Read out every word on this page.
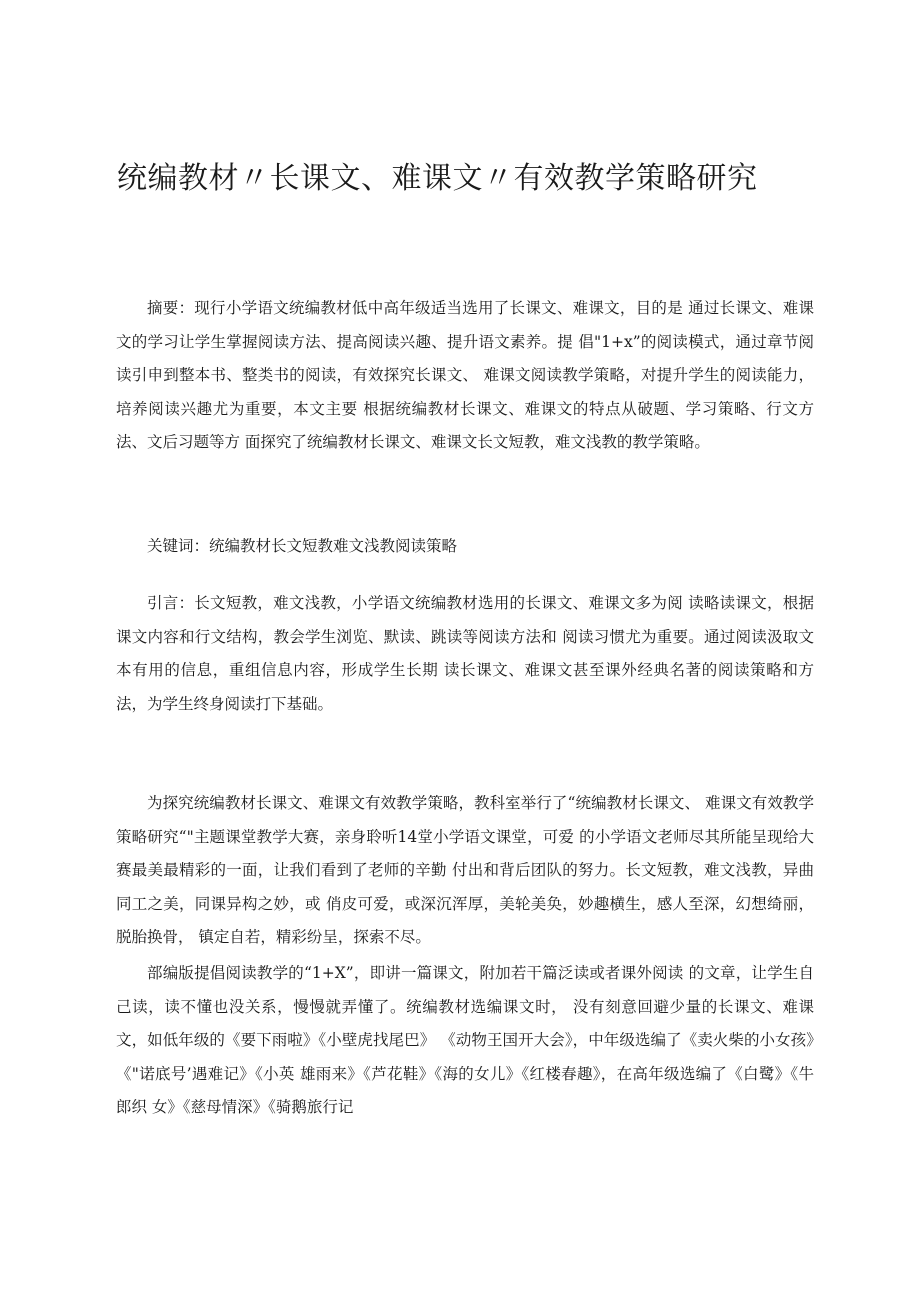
统编教材〃长课文、难课文〃有效教学策略研究

摘要：现行小学语文统编教材低中高年级适当选用了长课文、难课文，目的是 通过长课文、难课文的学习让学生掌握阅读方法、提高阅读兴趣、提升语文素养。提 倡"1+x”的阅读模式，通过章节阅读引申到整本书、整类书的阅读，有效探究长课文、 难课文阅读教学策略，对提升学生的阅读能力，培养阅读兴趣尤为重要，本文主要 根据统编教材长课文、难课文的特点从破题、学习策略、行文方法、文后习题等方 面探究了统编教材长课文、难课文长文短教，难文浅教的教学策略。

关键词：统编教材长文短教难文浅教阅读策略

引言：长文短教，难文浅教，小学语文统编教材选用的长课文、难课文多为阅 读略读课文，根据课文内容和行文结构，教会学生浏览、默读、跳读等阅读方法和 阅读习惯尤为重要。通过阅读汲取文本有用的信息，重组信息内容，形成学生长期 读长课文、难课文甚至课外经典名著的阅读策略和方法，为学生终身阅读打下基础。

为探究统编教材长课文、难课文有效教学策略，教科室举行了“统编教材长课文、 难课文有效教学策略研究“"主题课堂教学大赛，亲身聆听14堂小学语文课堂，可爱 的小学语文老师尽其所能呈现给大赛最美最精彩的一面，让我们看到了老师的辛勤 付出和背后团队的努力。长文短教，难文浅教，异曲同工之美，同课异构之妙，或 俏皮可爱，或深沉浑厚，美轮美奂，妙趣横生，感人至深，幻想绮丽，脱胎换骨， 镇定自若，精彩纷呈，探索不尽。

部编版提倡阅读教学的“1+X”，即讲一篇课文，附加若干篇泛读或者课外阅读 的文章，让学生自己读，读不懂也没关系，慢慢就弄懂了。统编教材选编课文时， 没有刻意回避少量的长课文、难课文，如低年级的《要下雨啦》《小壁虎找尾巴》 《动物王国开大会》，中年级选编了《卖火柴的小女孩》《"诺底号’遇难记》《小英 雄雨来》《芦花鞋》《海的女儿》《红楼春趣》，在高年级选编了《白鹭》《牛郎织 女》《慈母情深》《骑鹅旅行记
